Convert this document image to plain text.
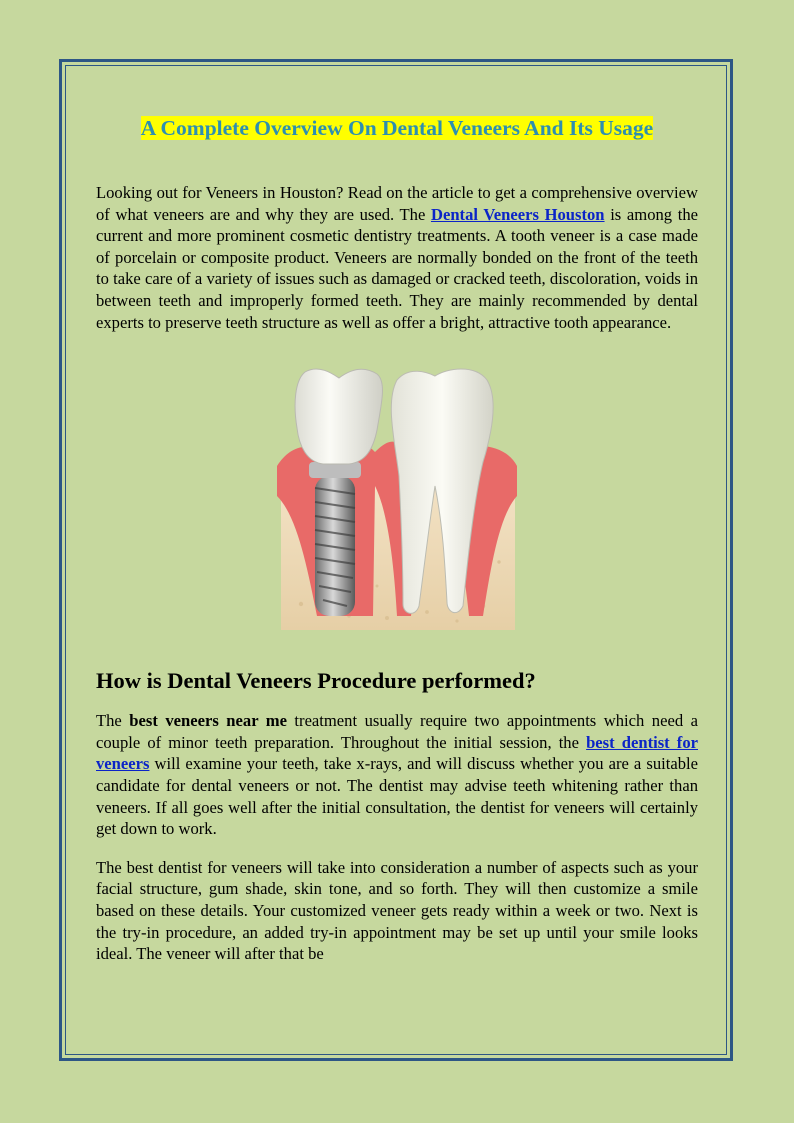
A Complete Overview On Dental Veneers And Its Usage

Looking out for Veneers in Houston? Read on the article to get a comprehensive overview of what veneers are and why they are used. The Dental Veneers Houston is among the current and more prominent cosmetic dentistry treatments. A tooth veneer is a case made of porcelain or composite product. Veneers are normally bonded on the front of the teeth to take care of a variety of issues such as damaged or cracked teeth, discoloration, voids in between teeth and improperly formed teeth. They are mainly recommended by dental experts to preserve teeth structure as well as offer a bright, attractive tooth appearance.

How is Dental Veneers Procedure performed?

The best veneers near me treatment usually require two appointments which need a couple of minor teeth preparation. Throughout the initial session, the best dentist for veneers will examine your teeth, take x-rays, and will discuss whether you are a suitable candidate for dental veneers or not. The dentist may advise teeth whitening rather than veneers. If all goes well after the initial consultation, the dentist for veneers will certainly get down to work.

The best dentist for veneers will take into consideration a number of aspects such as your facial structure, gum shade, skin tone, and so forth. They will then customize a smile based on these details. Your customized veneer gets ready within a week or two. Next is the try-in procedure, an added try-in appointment may be set up until your smile looks ideal. The veneer will after that be
